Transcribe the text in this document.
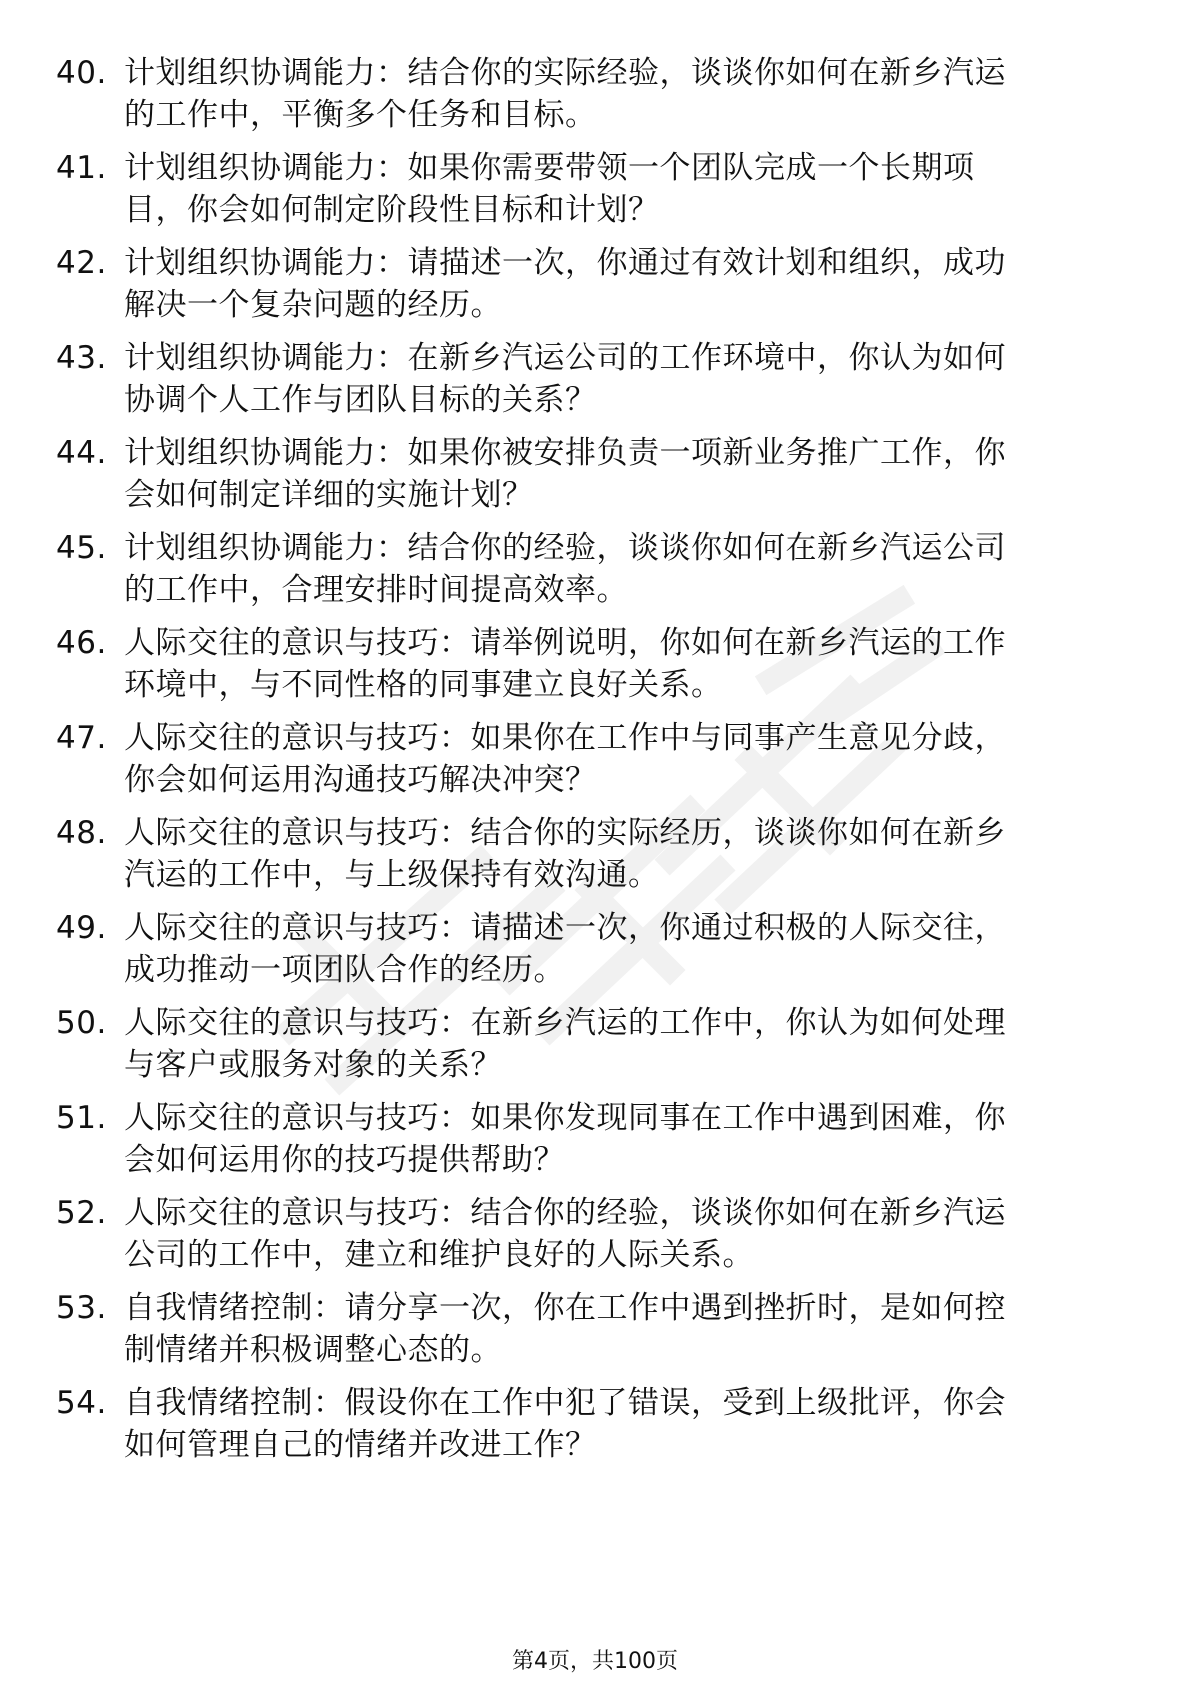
40. 计划组织协调能力：结合你的实际经验，谈谈你如何在新乡汽运
的工作中，平衡多个任务和目标。

41. 计划组织协调能力：如果你需要带领一个团队完成一个长期项
目，你会如何制定阶段性目标和计划？

42. 计划组织协调能力：请描述一次，你通过有效计划和组织，成功
解决一个复杂问题的经历。

43. 计划组织协调能力：在新乡汽运公司的工作环境中，你认为如何
协调个人工作与团队目标的关系？

44. 计划组织协调能力：如果你被安排负责一项新业务推广工作，你
会如何制定详细的实施计划？

45. 计划组织协调能力：结合你的经验，谈谈你如何在新乡汽运公司
的工作中，合理安排时间提高效率。

46. 人际交往的意识与技巧：请举例说明，你如何在新乡汽运的工作
环境中，与不同性格的同事建立良好关系。

47. 人际交往的意识与技巧：如果你在工作中与同事产生意见分歧，
你会如何运用沟通技巧解决冲突？

48. 人际交往的意识与技巧：结合你的实际经历，谈谈你如何在新乡
汽运的工作中，与上级保持有效沟通。

49. 人际交往的意识与技巧：请描述一次，你通过积极的人际交往，
成功推动一项团队合作的经历。

50. 人际交往的意识与技巧：在新乡汽运的工作中，你认为如何处理
与客户或服务对象的关系？

51. 人际交往的意识与技巧：如果你发现同事在工作中遇到困难，你
会如何运用你的技巧提供帮助？

52. 人际交往的意识与技巧：结合你的经验，谈谈你如何在新乡汽运
公司的工作中，建立和维护良好的人际关系。

53. 自我情绪控制：请分享一次，你在工作中遇到挫折时，是如何控
制情绪并积极调整心态的。

54. 自我情绪控制：假设你在工作中犯了错误，受到上级批评，你会
如何管理自己的情绪并改进工作？

第4页，共100页
